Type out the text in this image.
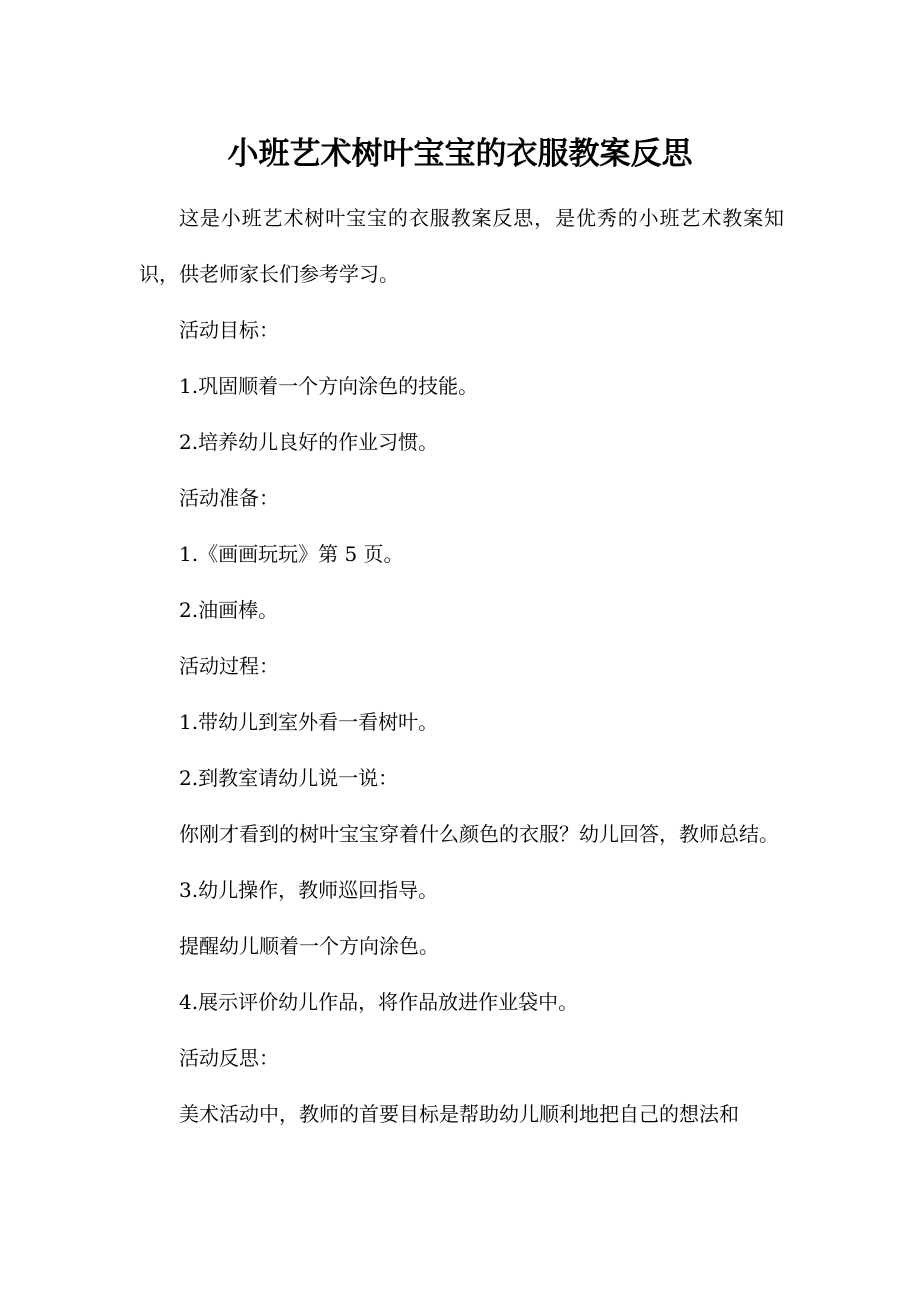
小班艺术树叶宝宝的衣服教案反思

这是小班艺术树叶宝宝的衣服教案反思，是优秀的小班艺术教案知识，供老师家长们参考学习。

活动目标：

1.巩固顺着一个方向涂色的技能。

2.培养幼儿良好的作业习惯。

活动准备：

1.《画画玩玩》第 5 页。

2.油画棒。

活动过程：

1.带幼儿到室外看一看树叶。

2.到教室请幼儿说一说：

你刚才看到的树叶宝宝穿着什么颜色的衣服？幼儿回答，教师总结。

3.幼儿操作，教师巡回指导。

提醒幼儿顺着一个方向涂色。

4.展示评价幼儿作品，将作品放进作业袋中。

活动反思：

美术活动中，教师的首要目标是帮助幼儿顺利地把自己的想法和
